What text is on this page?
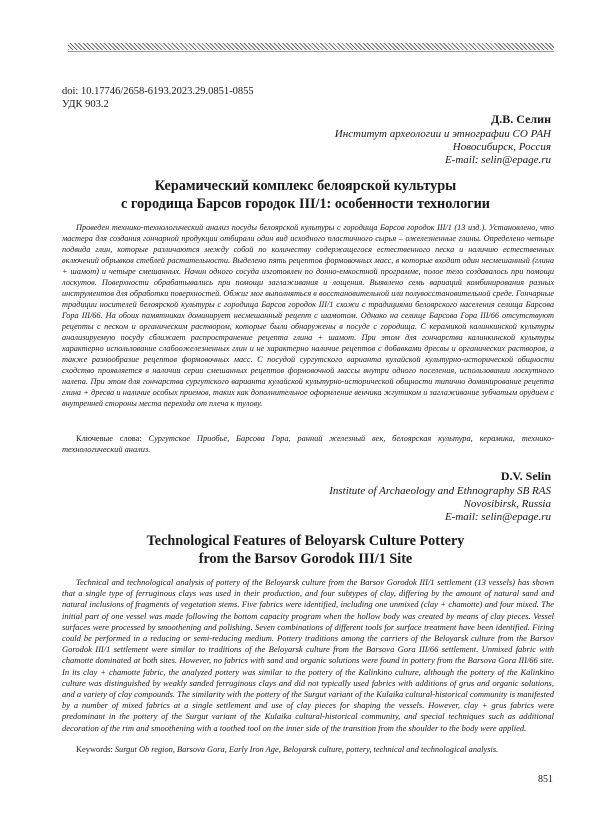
doi: 10.17746/2658-6193.2023.29.0851-0855
УДК 903.2
Д.В. Селин
Институт археологии и этнографии СО РАН
Новосибирск, Россия
E-mail: selin@epage.ru
Керамический комплекс белоярской культуры
с городища Барсов городок III/1: особенности технологии
Проведен технико-технологический анализ посуды белоярской культуры с городища Барсов городок III/1 (13 изд.). Установлено, что мастера для создания гончарной продукции отбирали один вид исходного пластичного сырья – ожелезненные глины. Определено четыре подвида глин, которые различаются между собой по количеству содержащегося естественного песка и наличию естественных включений обрывков стеблей растительности. Выделено пять рецептов формовочных масс, в которые входит один несмешанный (глина + шамот) и четыре смешанных. Начин одного сосуда изготовлен по донно-емкостной программе, полое тело создавалось при помощи лоскутов. Поверхности обрабатывались при помощи заглаживания и лощения. Выявлено семь вариаций комбинирования разных инструментов для обработки поверхностей. Обжиг мог выполняться в восстановительной или полувосстановительной среде. Гончарные традиции носителей белоярской культуры с городища Барсов городок III/1 схожи с традициями белоярского населения селища Барсова Гора III/66. На обоих памятниках доминирует несмешанный рецепт с шамотом. Однако на селище Барсова Гора III/66 отсутствуют рецепты с песком и органическим раствором, которые были обнаружены в посуде с городища. С керамикой калинкинской культуры анализируемую посуду сближает распространение рецепта глина + шамот. При этом для гончарства калинкинской культуры характерно использование слабоожелезненных глин и не характерно наличие рецептов с добавками дресвы и органических растворов, а также разнообразие рецептов формовочных масс. С посудой сургутского варианта кулайской культурно-исторической общности сходство проявляется в наличии серии смешанных рецептов формовочной массы внутри одного поселения, использовании лоскутного налепа. При этом для гончарства сургутского варианта кулайской культурно-исторической общности типично доминирование рецепта глина + дресва и наличие особых приемов, таких как дополнительное оформление венчика жгутиком и заглаживание зубчатым орудием с внутренней стороны места перехода от плеча к тулову.
Ключевые слова: Сургутское Приобье, Барсова Гора, ранний железный век, белоярская культура, керамика, технико-технологический анализ.
D.V. Selin
Institute of Archaeology and Ethnography SB RAS
Novosibirsk, Russia
E-mail: selin@epage.ru
Technological Features of Beloyarsk Culture Pottery
from the Barsov Gorodok III/1 Site
Technical and technological analysis of pottery of the Beloyarsk culture from the Barsov Gorodok III/1 settlement (13 vessels) has shown that a single type of ferruginous clays was used in their production, and four subtypes of clay, differing by the amount of natural sand and natural inclusions of fragments of vegetation stems. Five fabrics were identified, including one unmixed (clay + chamotte) and four mixed. The initial part of one vessel was made following the bottom capacity program when the hollow body was created by means of clay pieces. Vessel surfaces were processed by smoothening and polishing. Seven combinations of different tools for surface treatment have been identified. Firing could be performed in a reducing or semi-reducing medium. Pottery traditions among the carriers of the Beloyarsk culture from the Barsov Gorodok III/1 settlement were similar to traditions of the Beloyarsk culture from the Barsova Gora III/66 settlement. Unmixed fabric with chamotte dominated at both sites. However, no fabrics with sand and organic solutions were found in pottery from the Barsova Gora III/66 site. In its clay + chamotte fabric, the analyzed pottery was similar to the pottery of the Kalinkino culture, although the pottery of the Kalinkino culture was distinguished by weakly sanded ferruginous clays and did not typically used fabrics with additions of grus and organic solutions, and a variety of clay compounds. The similarity with the pottery of the Surgut variant of the Kulaika cultural-historical community is manifested by a number of mixed fabrics at a single settlement and use of clay pieces for shaping the vessels. However, clay + grus fabrics were predominant in the pottery of the Surgut variant of the Kulaika cultural-historical community, and special techniques such as additional decoration of the rim and smoothening with a toothed tool on the inner side of the transition from the shoulder to the body were applied.
Keywords: Surgut Ob region, Barsova Gora, Early Iron Age, Beloyarsk culture, pottery, technical and technological analysis.
851
